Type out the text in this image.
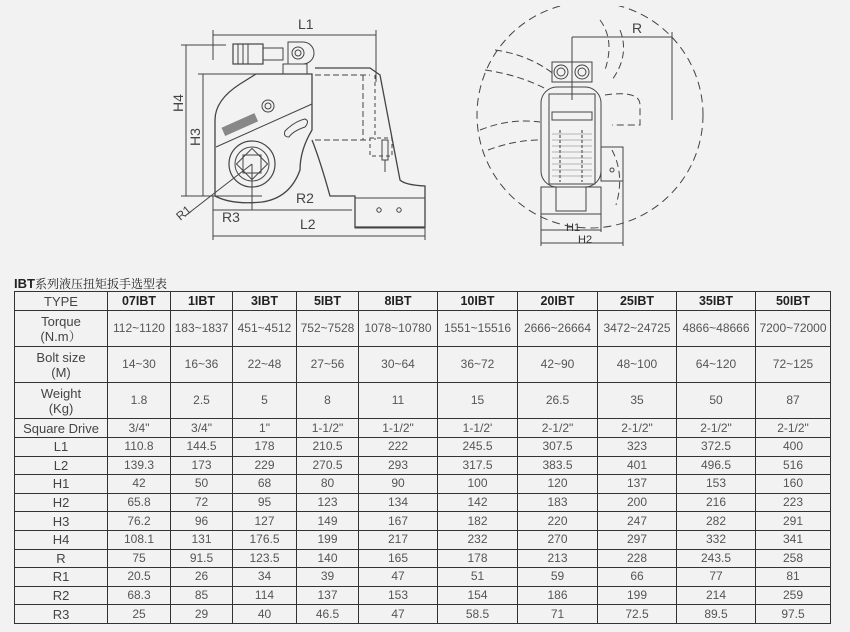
L1
H4
H3
R1 R3
R2
L2
R
H1
H2
IBT系列液压扭矩扳手选型表
TYPE	07IBT	1IBT	3IBT	5IBT	8IBT	10IBT	20IBT	25IBT	35IBT	50IBT
Torque
(N.m）	112~1120	183~1837	451~4512	752~7528	1078~10780	1551~15516	2666~26664	3472~24725	4866~48666	7200~72000
Bolt size
(M)	14~30	16~36	22~48	27~56	30~64	36~72	42~90	48~100	64~120	72~125
Weight
(Kg)	1.8	2.5	5	8	11	15	26.5	35	50	87
Square Drive	3/4"	3/4"	1"	1-1/2"	1-1/2"	1-1/2'	2-1/2"	2-1/2"	2-1/2"	2-1/2"
L1	110.8	144.5	178	210.5	222	245.5	307.5	323	372.5	400
L2	139.3	173	229	270.5	293	317.5	383.5	401	496.5	516
H1	42	50	68	80	90	100	120	137	153	160
H2	65.8	72	95	123	134	142	183	200	216	223
H3	76.2	96	127	149	167	182	220	247	282	291
H4	108.1	131	176.5	199	217	232	270	297	332	341
R	75	91.5	123.5	140	165	178	213	228	243.5	258
R1	20.5	26	34	39	47	51	59	66	77	81
R2	68.3	85	114	137	153	154	186	199	214	259
R3	25	29	40	46.5	47	58.5	71	72.5	89.5	97.5
